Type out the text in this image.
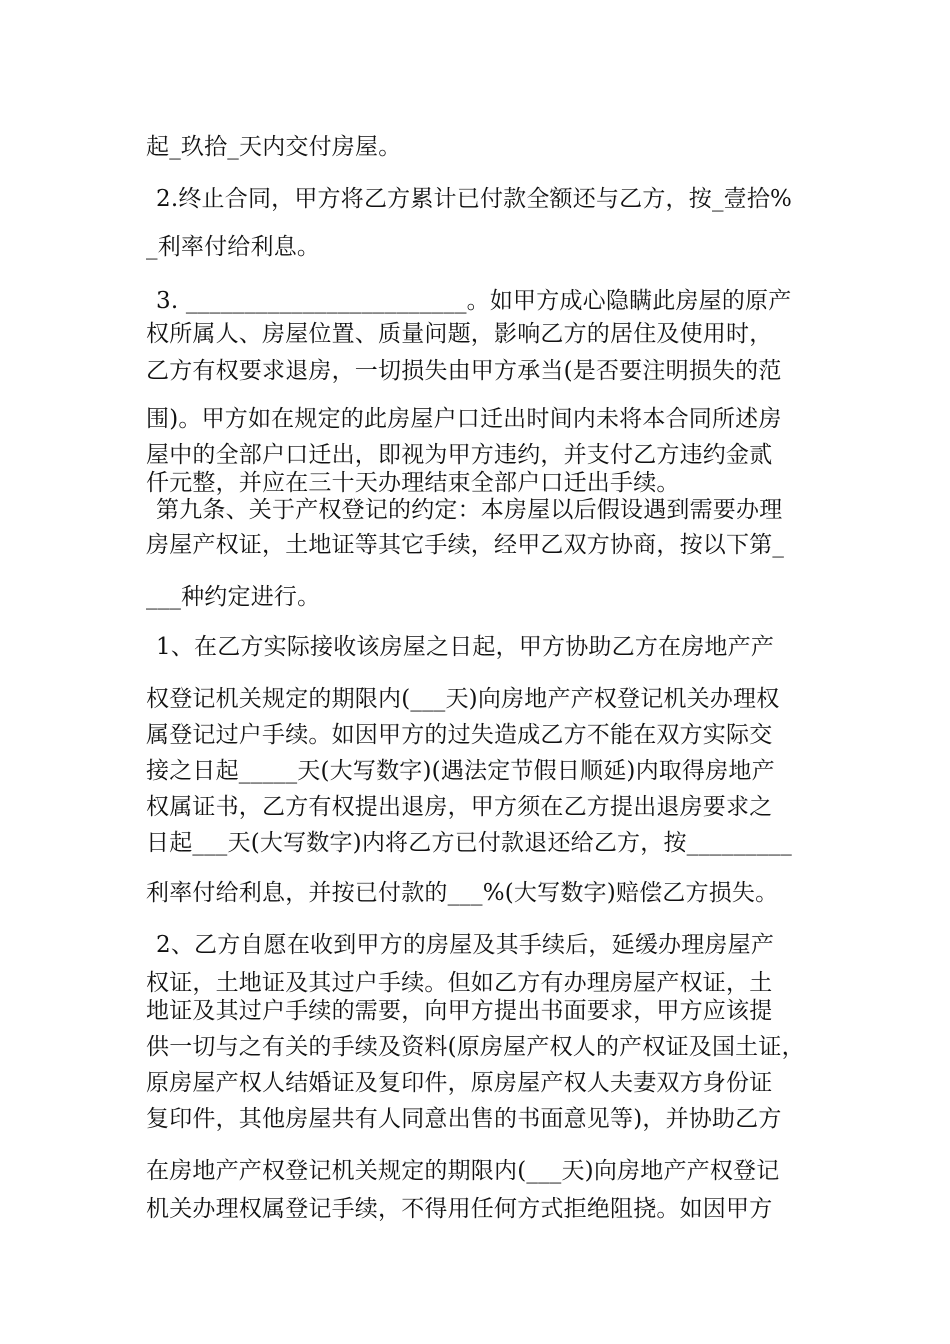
起_玖拾_天内交付房屋。
2.终止合同，甲方将乙方累计已付款全额还与乙方，按_壹拾%
_利率付给利息。
3. ________________________。如甲方成心隐瞒此房屋的原产
权所属人、房屋位置、质量问题，影响乙方的居住及使用时，
乙方有权要求退房，一切损失由甲方承当(是否要注明损失的范
围)。甲方如在规定的此房屋户口迁出时间内未将本合同所述房
屋中的全部户口迁出，即视为甲方违约，并支付乙方违约金贰
仟元整，并应在三十天办理结束全部户口迁出手续。
第九条、关于产权登记的约定：本房屋以后假设遇到需要办理
房屋产权证，土地证等其它手续，经甲乙双方协商，按以下第_
___种约定进行。
1、在乙方实际接收该房屋之日起，甲方协助乙方在房地产产
权登记机关规定的期限内(___天)向房地产产权登记机关办理权
属登记过户手续。如因甲方的过失造成乙方不能在双方实际交
接之日起_____天(大写数字)(遇法定节假日顺延)内取得房地产
权属证书，乙方有权提出退房，甲方须在乙方提出退房要求之
日起___天(大写数字)内将乙方已付款退还给乙方，按_________
利率付给利息，并按已付款的___%(大写数字)赔偿乙方损失。
2、乙方自愿在收到甲方的房屋及其手续后，延缓办理房屋产
权证，土地证及其过户手续。但如乙方有办理房屋产权证，土
地证及其过户手续的需要，向甲方提出书面要求，甲方应该提
供一切与之有关的手续及资料(原房屋产权人的产权证及国土证，
原房屋产权人结婚证及复印件，原房屋产权人夫妻双方身份证
复印件，其他房屋共有人同意出售的书面意见等)，并协助乙方
在房地产产权登记机关规定的期限内(___天)向房地产产权登记
机关办理权属登记手续，不得用任何方式拒绝阻挠。如因甲方
